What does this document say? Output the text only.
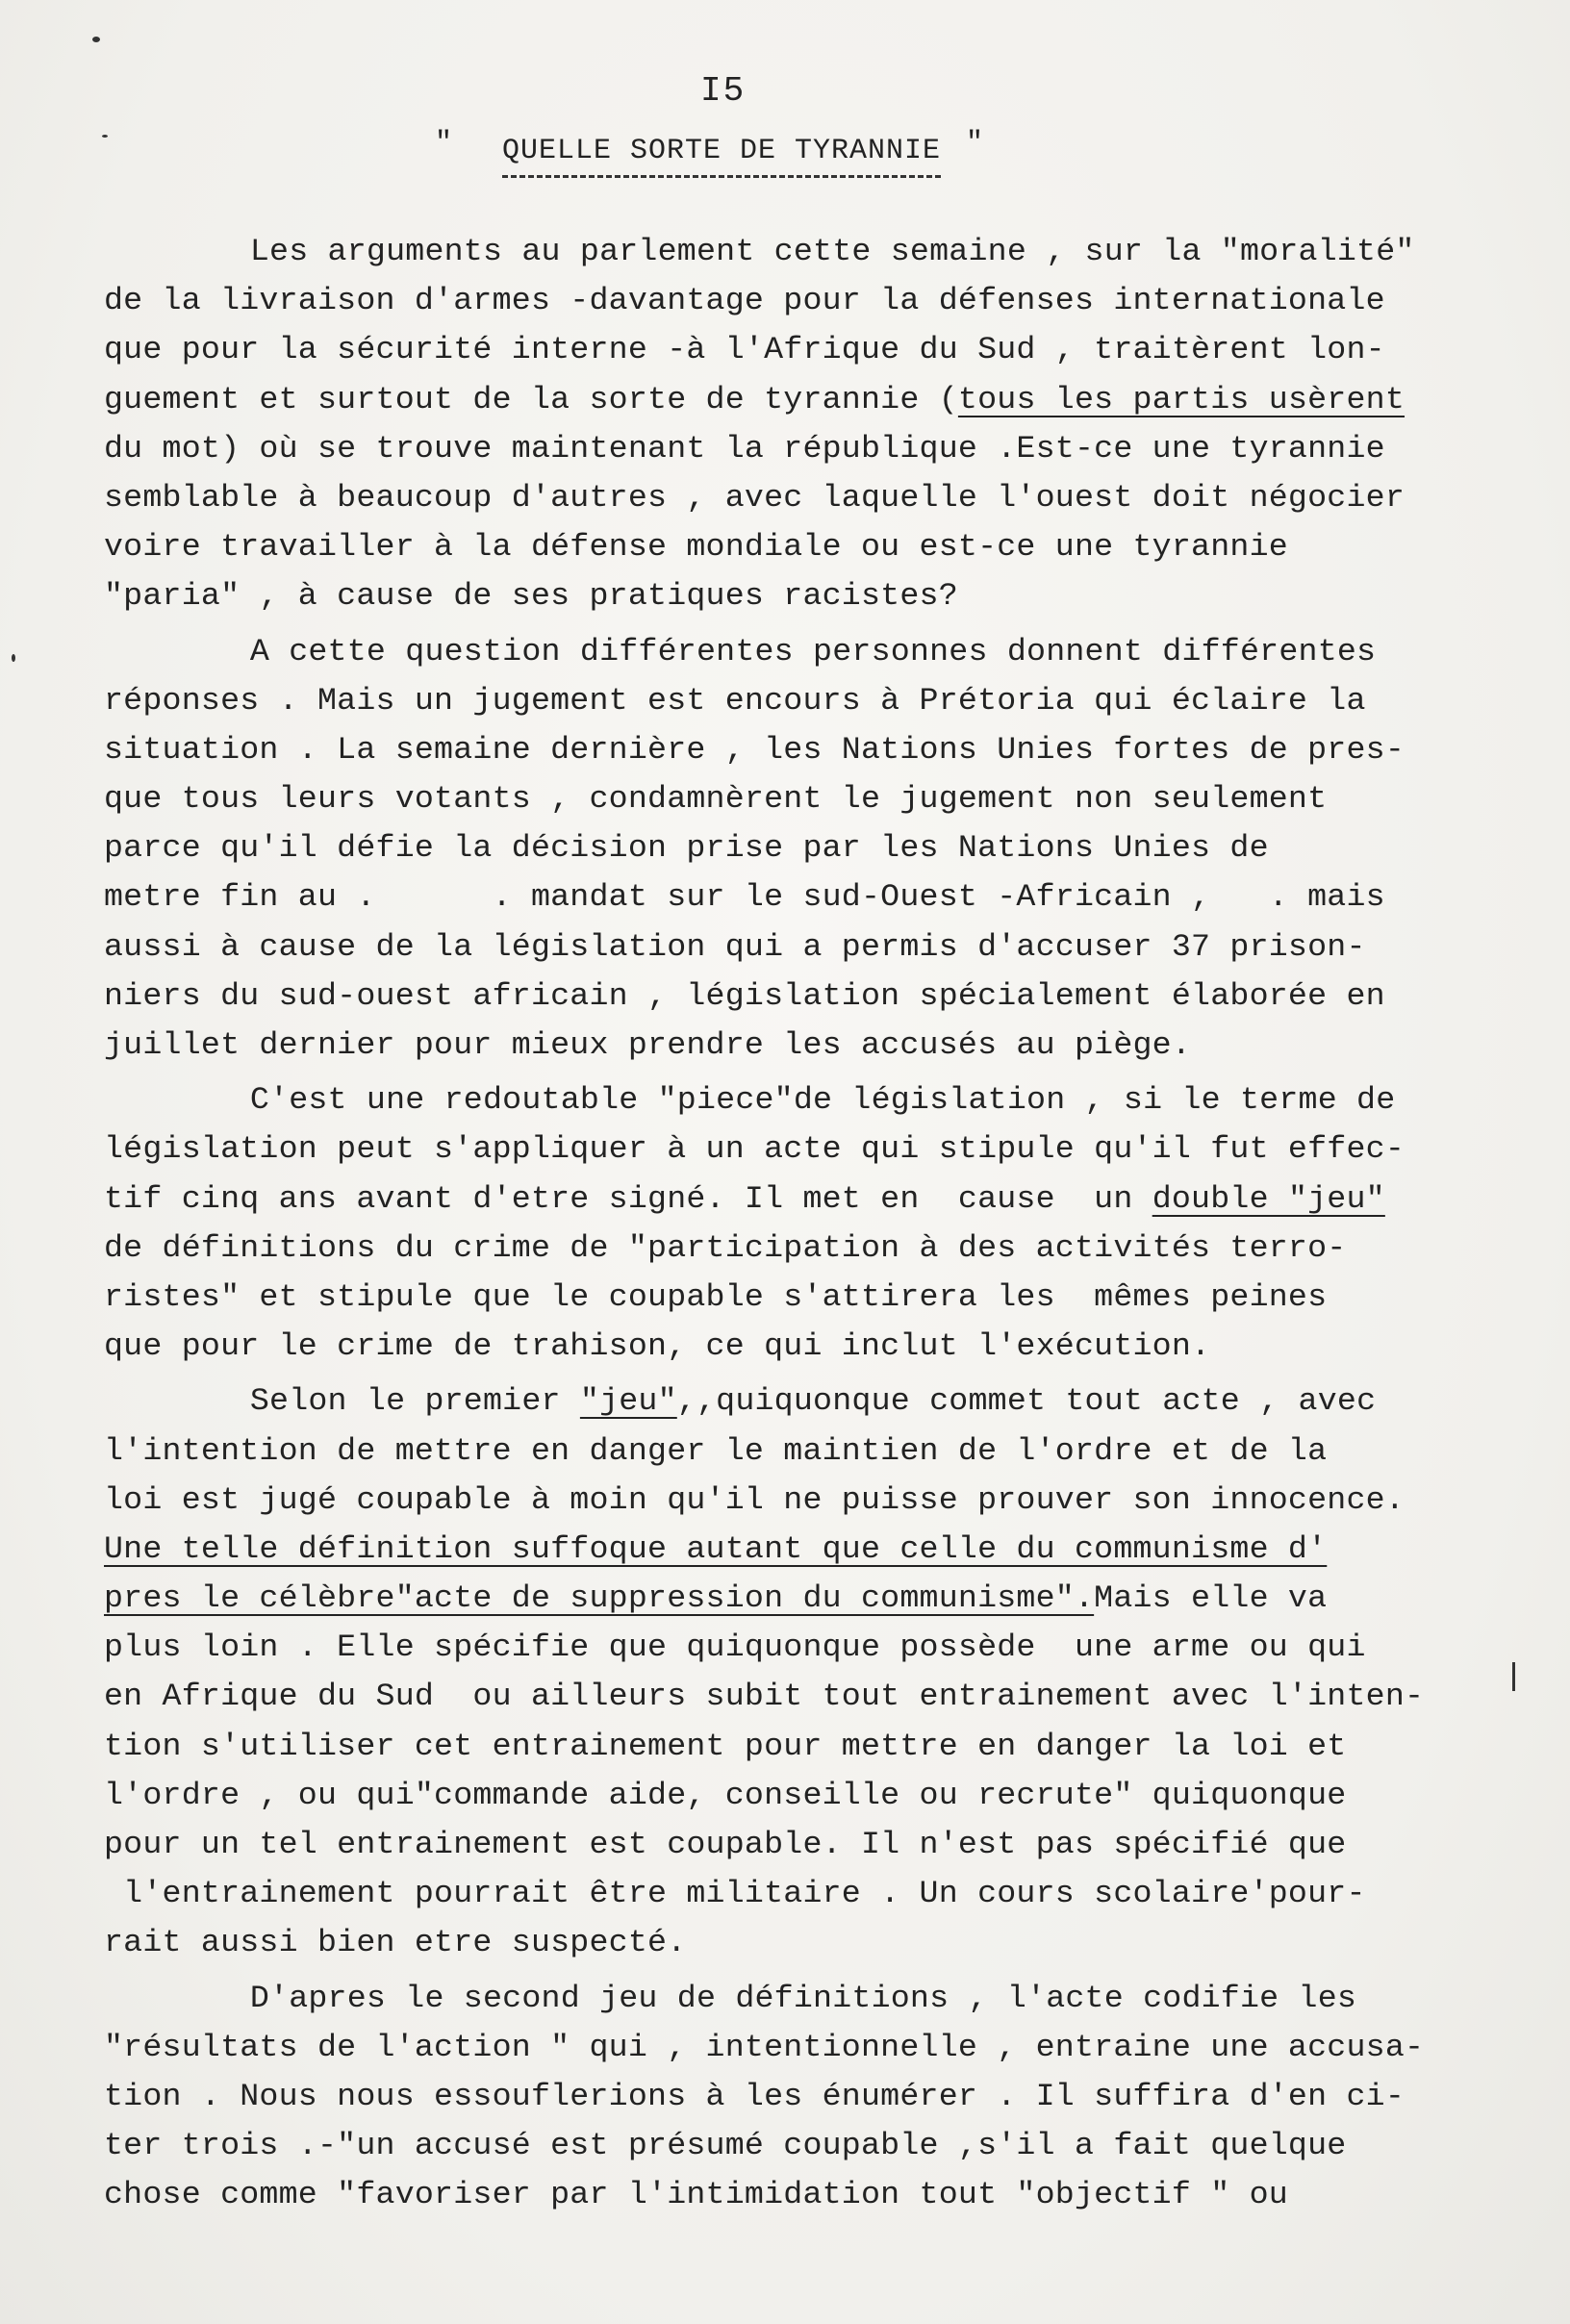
I5
"	QUELLE SORTE DE TYRANNIE "
Les arguments au parlement cette semaine , sur la "moralité"
de la livraison d'armes -davantage pour la défenses internationale
que pour la sécurité interne -à l'Afrique du Sud , traitèrent lon-
guement et surtout de la sorte de tyrannie (tous les partis usèrent
du mot) où se trouve maintenant la république .Est-ce une tyrannie
semblable à beaucoup d'autres , avec laquelle l'ouest doit négocier
voire travailler à la défense mondiale ou est-ce une tyrannie
"paria" , à cause de ses pratiques racistes?
A cette question différentes personnes donnent différentes
réponses . Mais un jugement est encours à Prétoria qui éclaire la
situation . La semaine dernière , les Nations Unies fortes de pres-
que tous leurs votants , condamnèrent le jugement non seulement
parce qu'il défie la décision prise par les Nations Unies de
metre fin au .      . mandat sur le sud-Ouest -Africain ,   . mais
aussi à cause de la législation qui a permis d'accuser 37 prison-
niers du sud-ouest africain , législation spécialement élaborée en
juillet dernier pour mieux prendre les accusés au piège.
C'est une redoutable "piece"de législation , si le terme de
législation peut s'appliquer à un acte qui stipule qu'il fut effec-
tif cinq ans avant d'etre signé. Il met en  cause  un double "jeu"
de définitions du crime de "participation à des activités terro-
ristes" et stipule que le coupable s'attirera les  mêmes peines
que pour le crime de trahison, ce qui inclut l'exécution.
Selon le premier "jeu",,quiquonque commet tout acte , avec
l'intention de mettre en danger le maintien de l'ordre et de la
loi est jugé coupable à moin qu'il ne puisse prouver son innocence.
Une telle définition suffoque autant que celle du communisme d'
pres le célèbre"acte de suppression du communisme".Mais elle va
plus loin . Elle spécifie que quiquonque possède  une arme ou qui
en Afrique du Sud  ou ailleurs subit tout entrainement avec l'inten-
tion s'utiliser cet entrainement pour mettre en danger la loi et
l'ordre , ou qui"commande aide, conseille ou recrute" quiquonque
pour un tel entrainement est coupable. Il n'est pas spécifié que
l'entrainement pourrait être militaire . Un cours scolaire'pour-
rait aussi bien etre suspecté.
D'apres le second jeu de définitions , l'acte codifie les
"résultats de l'action " qui , intentionnelle , entraine une accusa-
tion . Nous nous essouflerions à les énumérer . Il suffira d'en ci-
ter trois .-"un accusé est présumé coupable ,s'il a fait quelque
chose comme "favoriser par l'intimidation tout "objectif " ou
